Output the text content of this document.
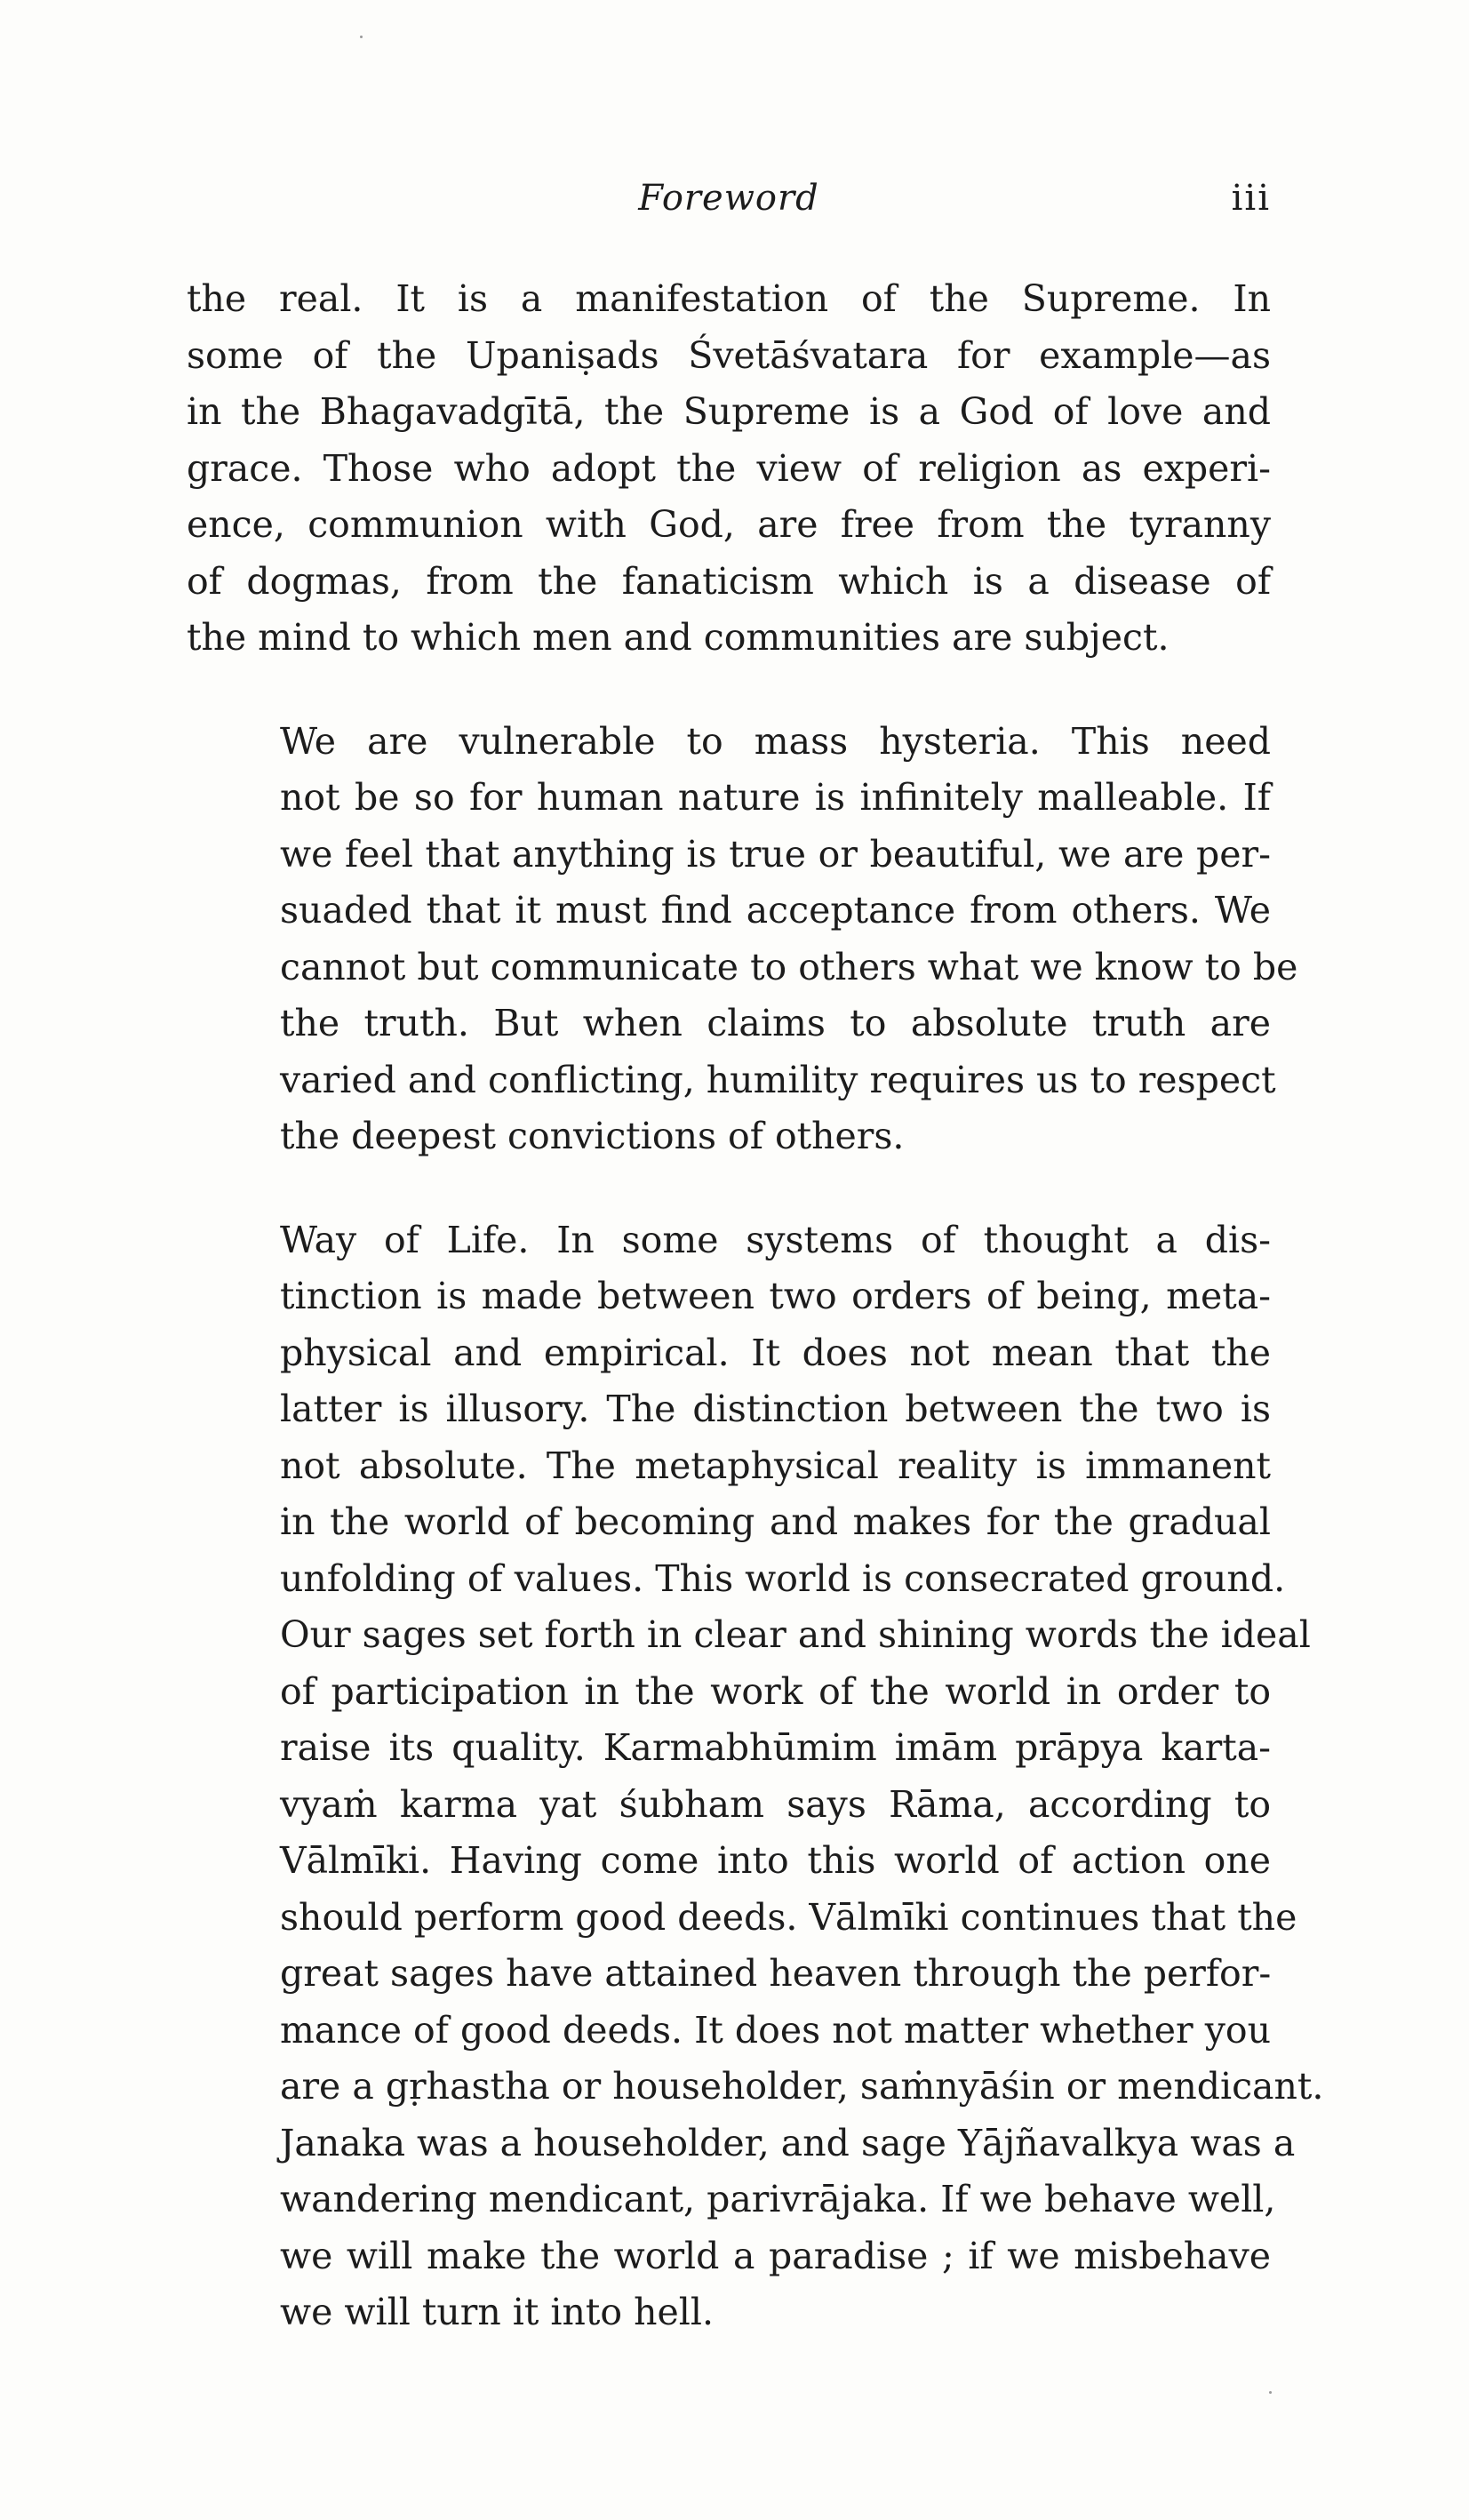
Foreword	iii

the real. It is a manifestation of the Supreme. In
some of the Upaniṣads Śvetāśvatara for example—as
in the Bhagavadgītā, the Supreme is a God of love and
grace. Those who adopt the view of religion as experi-
ence, communion with God, are free from the tyranny
of dogmas, from the fanaticism which is a disease of
the mind to which men and communities are subject.

We are vulnerable to mass hysteria. This need
not be so for human nature is infinitely malleable. If
we feel that anything is true or beautiful, we are per-
suaded that it must find acceptance from others. We
cannot but communicate to others what we know to be
the truth. But when claims to absolute truth are
varied and conflicting, humility requires us to respect
the deepest convictions of others.

Way of Life. In some systems of thought a dis-
tinction is made between two orders of being, meta-
physical and empirical. It does not mean that the
latter is illusory. The distinction between the two is
not absolute. The metaphysical reality is immanent
in the world of becoming and makes for the gradual
unfolding of values. This world is consecrated ground.
Our sages set forth in clear and shining words the ideal
of participation in the work of the world in order to
raise its quality. Karmabhūmim imām prāpya karta-
vyaṁ karma yat śubham says Rāma, according to
Vālmīki. Having come into this world of action one
should perform good deeds. Vālmīki continues that the
great sages have attained heaven through the perfor-
mance of good deeds. It does not matter whether you
are a gṛhastha or householder, saṁnyāśin or mendicant.
Janaka was a householder, and sage Yājñavalkya was a
wandering mendicant, parivrājaka. If we behave well,
we will make the world a paradise ; if we misbehave
we will turn it into hell.
